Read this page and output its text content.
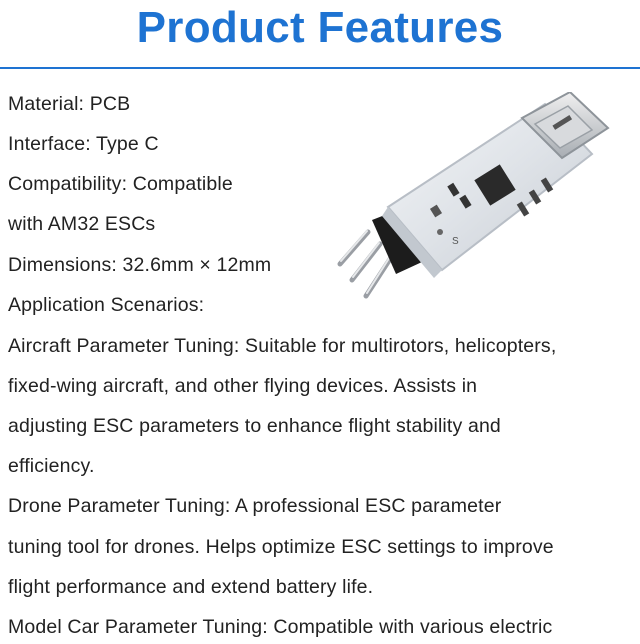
Product Features
Material: PCB
Interface: Type C
Compatibility: Compatible
with AM32 ESCs
Dimensions: 32.6mm × 12mm
Application Scenarios:
Aircraft Parameter Tuning: Suitable for multirotors, helicopters,
fixed-wing aircraft, and other flying devices. Assists in
adjusting ESC parameters to enhance flight stability and
efficiency.
Drone Parameter Tuning: A professional ESC parameter
tuning tool for drones. Helps optimize ESC settings to improve
flight performance and extend battery life.
Model Car Parameter Tuning: Compatible with various electric
S
